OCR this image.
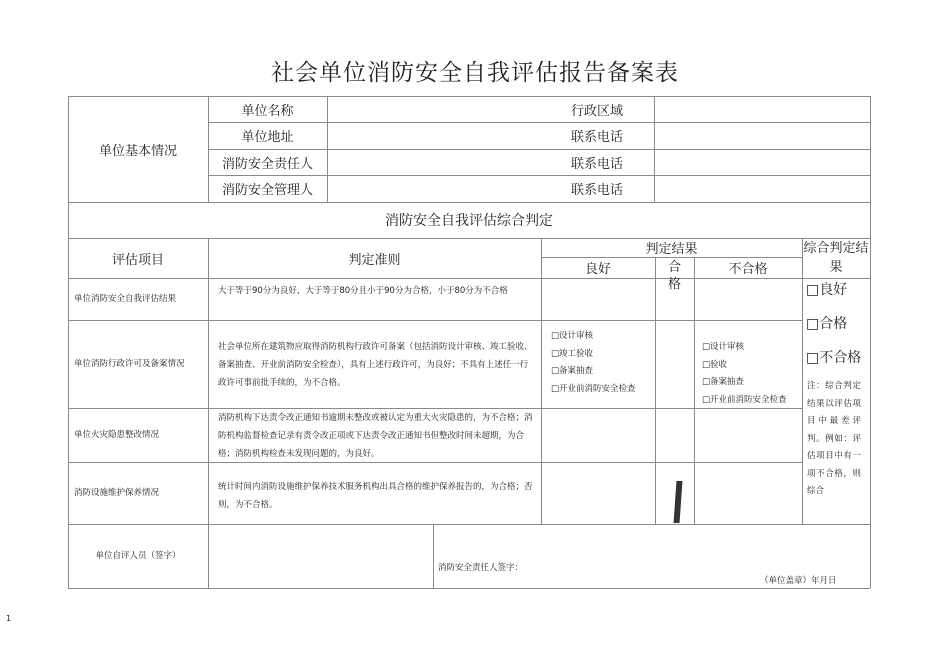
社会单位消防安全自我评估报告备案表
单位基本情况
单位名称
单位地址
消防安全责任人
消防安全管理人
行政区域
联系电话
联系电话
联系电话
消防安全自我评估综合判定
评估项目	判定准则
判定结果
良好	合格
不合格
综合判定结果
单位消防安全自我评估结果
单位消防行政许可及备案情况
单位火灾隐患整改情况
消防设施维护保养情况
大于等于90分为良好，大于等于80分且小于90分为合格，小于80分为不合格
社会单位所在建筑物应取得消防机构行政许可备案（包括消防设计审核、竣工验收、备案抽查、开业前消防安全检查），具有上述行政许可，为良好；不具有上述任一行政许可事前批手续的，为不合格。
消防机构下达责令改正通知书逾期未整改或被认定为重大火灾隐患的，为不合格；消防机构监督检查记录有责令改正项或下达责令改正通知书但整改时间未超期，为合格；消防机构检查未发现问题的，为良好。
统计时间内消防设施维护保养技术服务机构出具合格的维护保养报告的，为合格；否则，为不合格。
□设计审核
□竣工验收
□备案抽查
□开业前消防安全检查
□设计审核
□验收
□备案抽查
□开业前消防安全检查
□良好
□合格
□不合格
注：综合判定结果以评估项目中最差评判。例如：评估项目中有一项不合格，则综合
单位自评人员（签字）
消防安全责任人签字：
（单位盖章）年月日
1
